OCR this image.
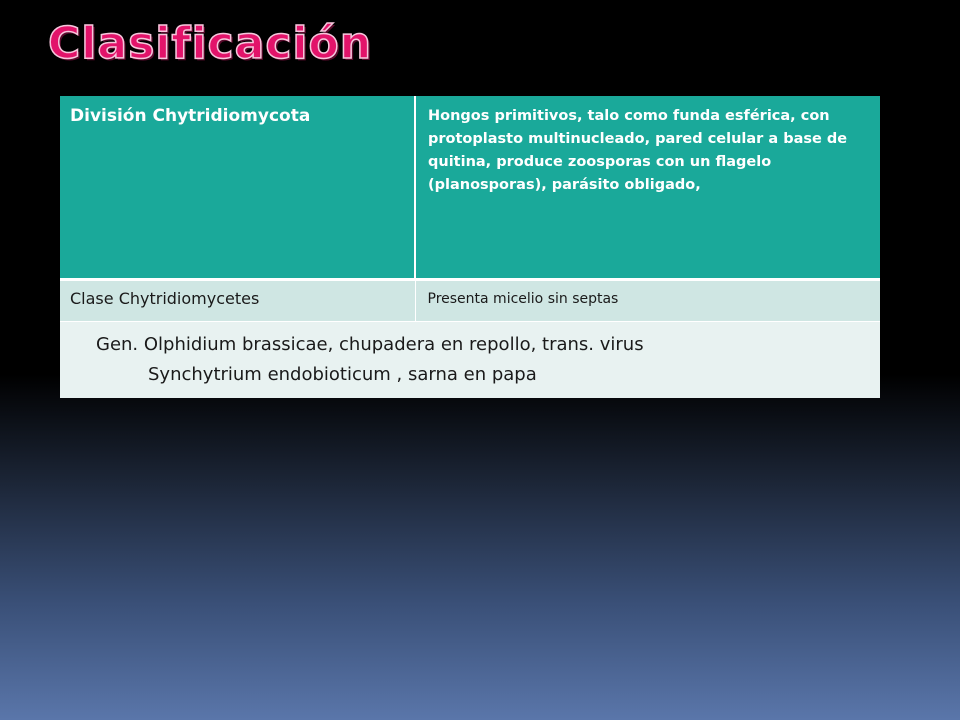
Clasificación
División Chytridiomycota	Hongos primitivos, talo como funda esférica, con protoplasto multinucleado, pared celular a base de quitina, produce zoosporas con un flagelo (planosporas), parásito obligado,

Clase Chytridiomycetes	Presenta micelio sin septas

Gen. Olphidium brassicae, chupadera en repollo, trans. virus
Synchytrium endobioticum , sarna en papa	
